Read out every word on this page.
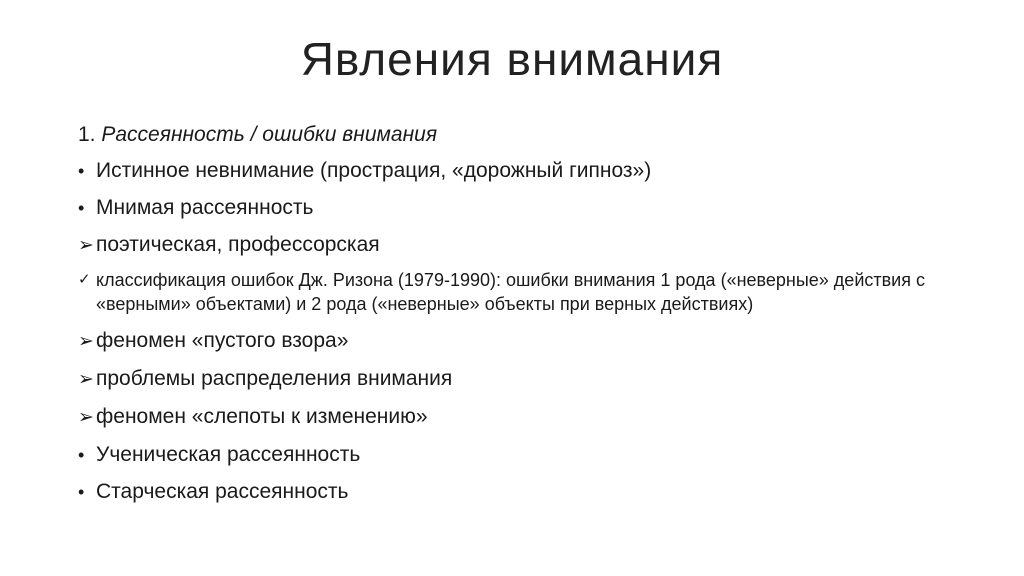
Явления внимания
1. Рассеянность / ошибки внимания
• Истинное невнимание (прострация, «дорожный гипноз»)
• Мнимая рассеянность
➢поэтическая, профессорская
✓ классификация ошибок Дж. Ризона (1979-1990): ошибки внимания 1 рода («неверные» действия с «верными» объектами) и 2 рода («неверные» объекты при верных действиях)
➢феномен «пустого взора»
➢проблемы распределения внимания
➢феномен «слепоты к изменению»
• Ученическая рассеянность
• Старческая рассеянность
